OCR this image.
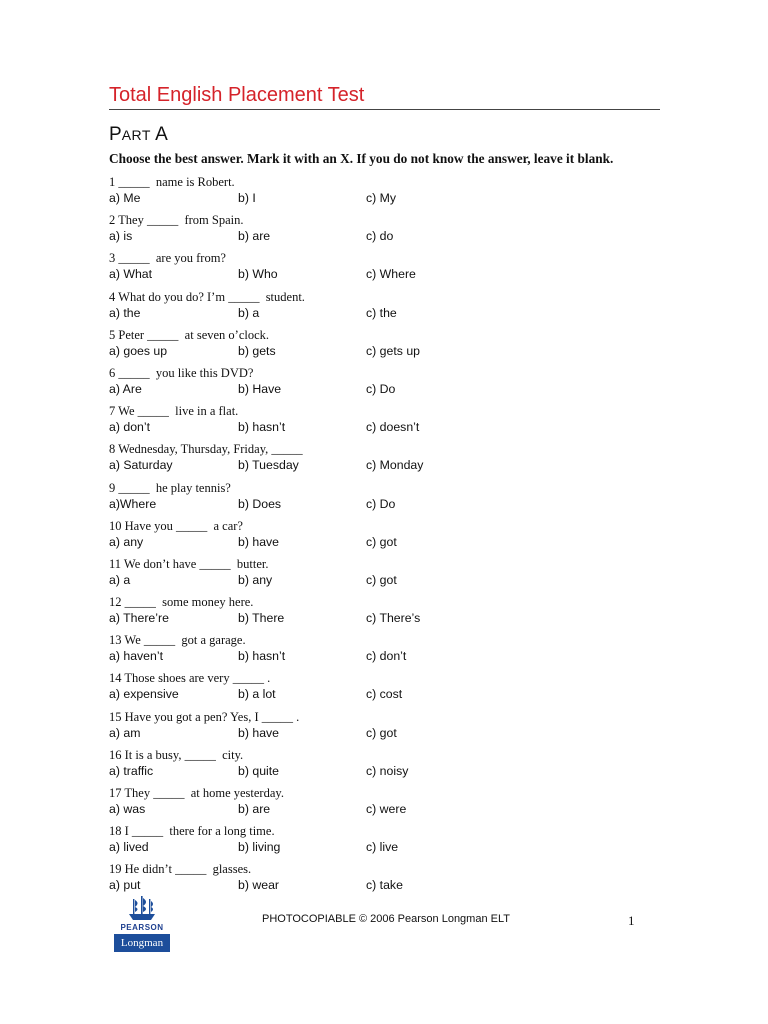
Total English Placement Test
PART A
Choose the best answer. Mark it with an X. If you do not know the answer, leave it blank.
1 _____  name is Robert.
a) Me	b) I	c) My
2 They _____  from Spain.
a) is	b) are	c) do
3 _____  are you from?
a) What	b) Who	c) Where
4 What do you do? I’m _____  student.
a) the	b) a	c) the
5 Peter _____  at seven o’clock.
a) goes up	b) gets	c) gets up
6 _____  you like this DVD?
a) Are	b) Have	c) Do
7 We _____  live in a flat.
a) don’t	b) hasn’t	c) doesn’t
8 Wednesday, Thursday, Friday, _____
a) Saturday	b) Tuesday	c) Monday
9 _____  he play tennis?
a)Where	b) Does	c) Do
10 Have you _____  a car?
a) any	b) have	c) got
11 We don’t have _____  butter.
a) a	b) any	c) got
12 _____  some money here.
a) There’re	b) There	c) There’s
13 We _____  got a garage.
a) haven’t	b) hasn’t	c) don’t
14 Those shoes are very _____ .
a) expensive	b) a lot	c) cost
15 Have you got a pen? Yes, I _____ .
a) am	b) have	c) got
16 It is a busy, _____  city.
a) traffic	b) quite	c) noisy
17 They _____  at home yesterday.
a) was	b) are	c) were
18 I _____  there for a long time.
a) lived	b) living	c) live
19 He didn’t _____  glasses.
a) put	b) wear	c) take
PEARSON
Longman
PHOTOCOPIABLE © 2006 Pearson Longman ELT	1
